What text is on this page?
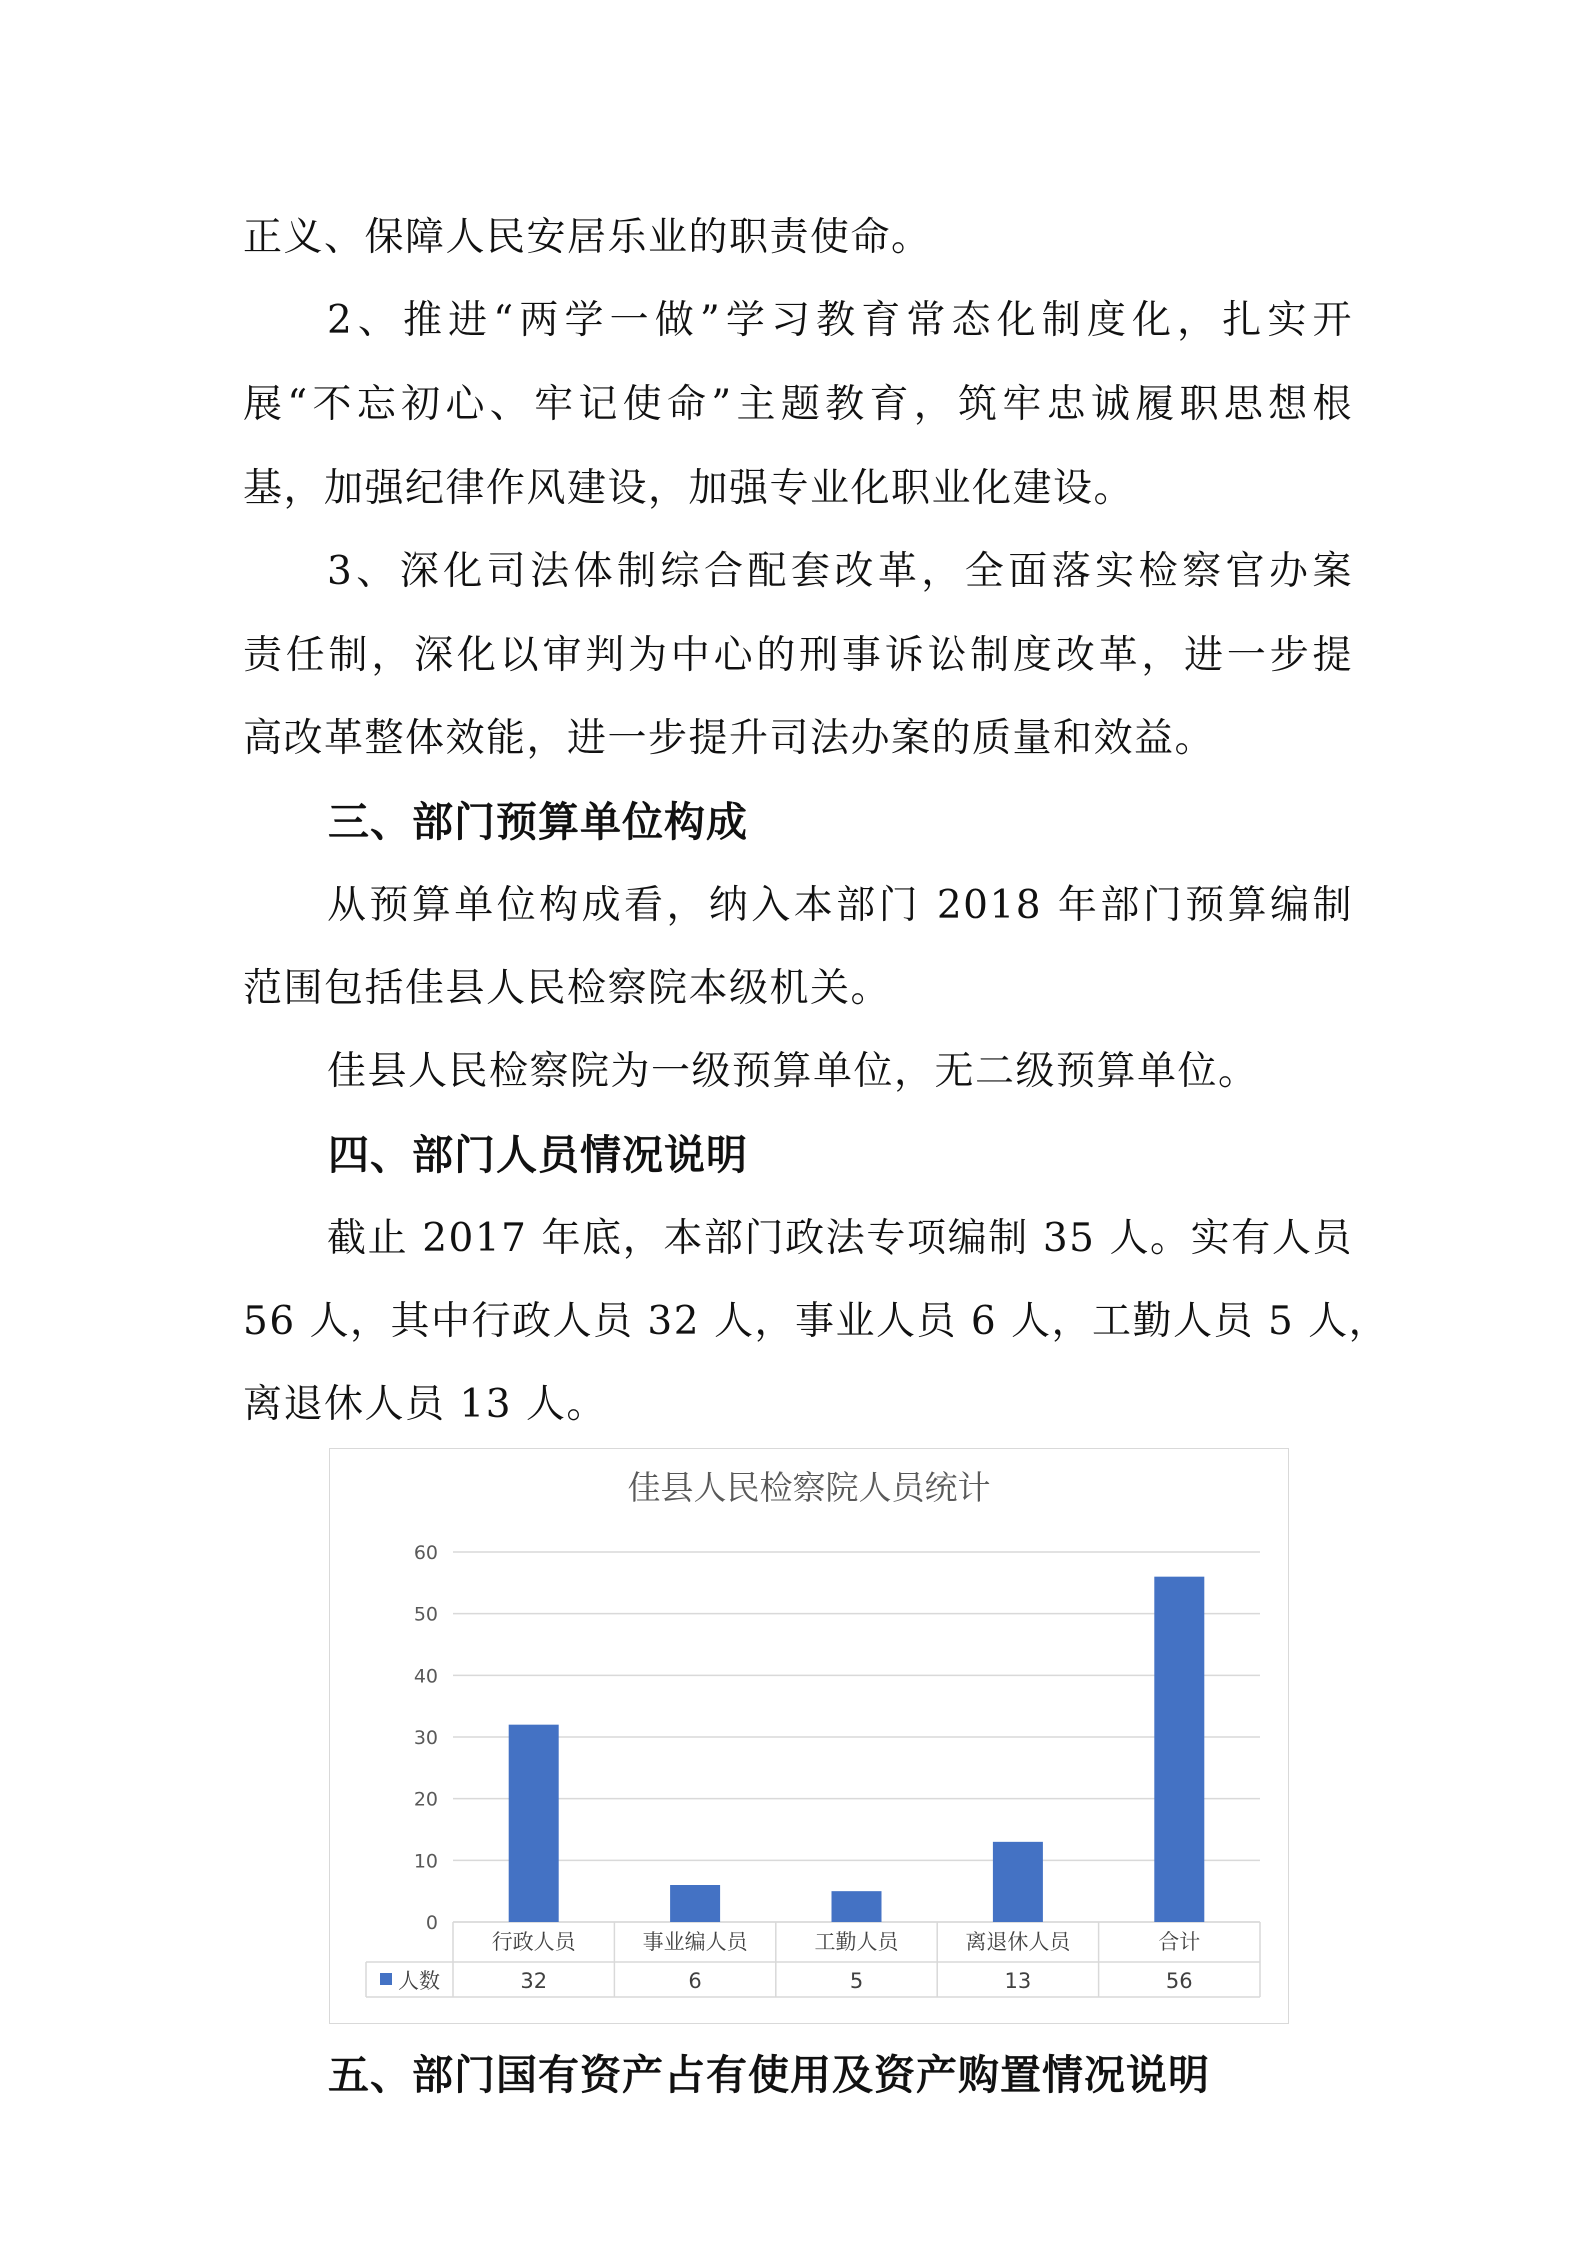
正义、保障人民安居乐业的职责使命。

2、推进“两学一做”学习教育常态化制度化，扎实开

展“不忘初心、牢记使命”主题教育，筑牢忠诚履职思想根

基，加强纪律作风建设，加强专业化职业化建设。

3、深化司法体制综合配套改革，全面落实检察官办案

责任制，深化以审判为中心的刑事诉讼制度改革，进一步提

高改革整体效能，进一步提升司法办案的质量和效益。

三、部门预算单位构成

从预算单位构成看，纳入本部门 2018 年部门预算编制

范围包括佳县人民检察院本级机关。

佳县人民检察院为一级预算单位，无二级预算单位。

四、部门人员情况说明

截止 2017 年底，本部门政法专项编制 35 人。实有人员

56 人，其中行政人员 32 人，事业人员 6 人，工勤人员 5 人，

离退休人员 13 人。

佳县人民检察院人员统计
0
10
20
30
40
50
60
行政人员
32
事业编人员
6
工勤人员
5
离退休人员
13
合计
56
人数

五、部门国有资产占有使用及资产购置情况说明
